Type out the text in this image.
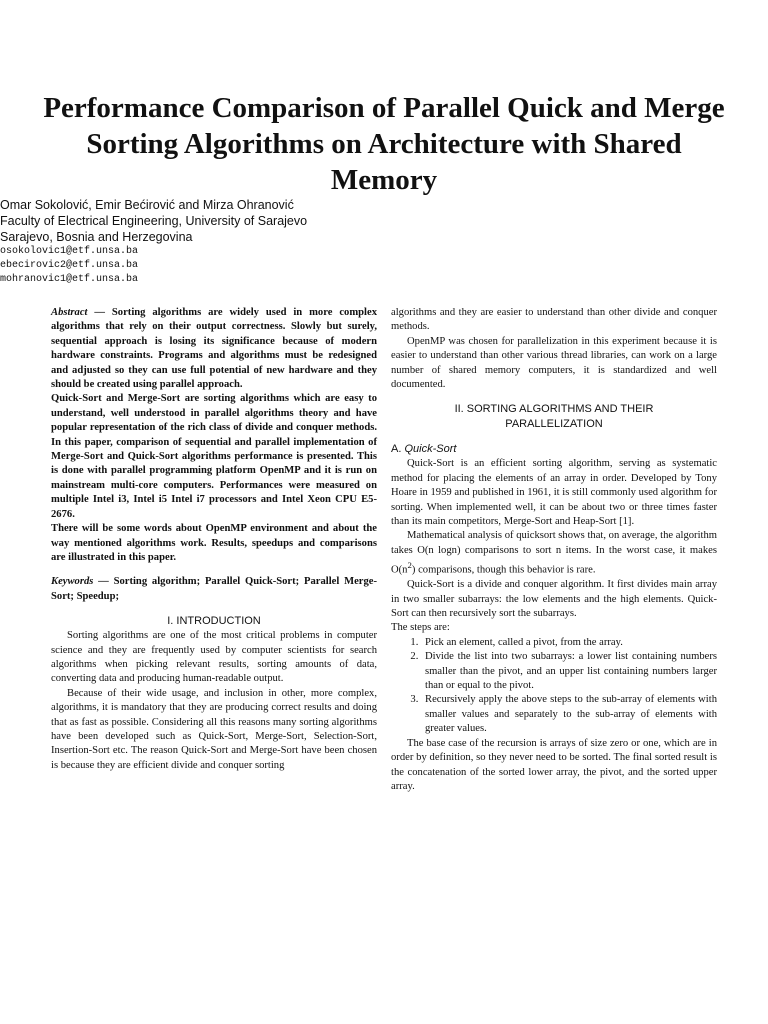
Performance Comparison of Parallel Quick and Merge Sorting Algorithms on Architecture with Shared Memory

Omar Sokolović, Emir Bećirović and Mirza Ohranović

Faculty of Electrical Engineering, University of Sarajevo

Sarajevo, Bosnia and Herzegovina

osokolovic1@etf.unsa.ba

ebecirovic2@etf.unsa.ba

mohranovic1@etf.unsa.ba

Abstract — Sorting algorithms are widely used in more complex algorithms that rely on their output correctness. Slowly but surely, sequential approach is losing its significance because of modern hardware constraints. Programs and algorithms must be redesigned and adjusted so they can use full potential of new hardware and they should be created using parallel approach.

Quick-Sort and Merge-Sort are sorting algorithms which are easy to understand, well understood in parallel algorithms theory and have popular representation of the rich class of divide and conquer methods. In this paper, comparison of sequential and parallel implementation of Merge-Sort and Quick-Sort algorithms performance is presented. This is done with parallel programming platform OpenMP and it is run on mainstream multi-core computers. Performances were measured on multiple Intel i3, Intel i5 Intel i7 processors and Intel Xeon CPU E5-2676.

There will be some words about OpenMP environment and about the way mentioned algorithms work. Results, speedups and comparisons are illustrated in this paper.

Keywords — Sorting algorithm; Parallel Quick-Sort; Parallel Merge-Sort; Speedup;

I. INTRODUCTION

Sorting algorithms are one of the most critical problems in computer science and they are frequently used by computer scientists for search algorithms when picking relevant results, sorting amounts of data, converting data and producing human-readable output.

Because of their wide usage, and inclusion in other, more complex, algorithms, it is mandatory that they are producing correct results and doing that as fast as possible. Considering all this reasons many sorting algorithms have been developed such as Quick-Sort, Merge-Sort, Selection-Sort, Insertion-Sort etc. The reason Quick-Sort and Merge-Sort have been chosen is because they are efficient divide and conquer sorting

algorithms and they are easier to understand than other divide and conquer methods.

OpenMP was chosen for parallelization in this experiment because it is easier to understand than other various thread libraries, can work on a large number of shared memory computers, it is standardized and well documented.

II. SORTING ALGORITHMS AND THEIR

PARALLELIZATION

A. Quick-Sort

Quick-Sort is an efficient sorting algorithm, serving as systematic method for placing the elements of an array in order. Developed by Tony Hoare in 1959 and published in 1961, it is still commonly used algorithm for sorting. When implemented well, it can be about two or three times faster than its main competitors, Merge-Sort and Heap-Sort [1].

Mathematical analysis of quicksort shows that, on average, the algorithm takes O(n logn) comparisons to sort n items. In the worst case, it makes $O(n^2)$ comparisons, though this behavior is rare.

Quick-Sort is a divide and conquer algorithm. It first divides main array in two smaller subarrays: the low elements and the high elements. Quick-Sort can then recursively sort the subarrays.

The steps are:

1. Pick an element, called a pivot, from the array.
2. Divide the list into two subarrays: a lower list containing numbers smaller than the pivot, and an upper list containing numbers larger than or equal to the pivot.
3. Recursively apply the above steps to the sub-array of elements with smaller values and separately to the sub-array of elements with greater values.

The base case of the recursion is arrays of size zero or one, which are in order by definition, so they never need to be sorted. The final sorted result is the concatenation of the sorted lower array, the pivot, and the sorted upper array.
